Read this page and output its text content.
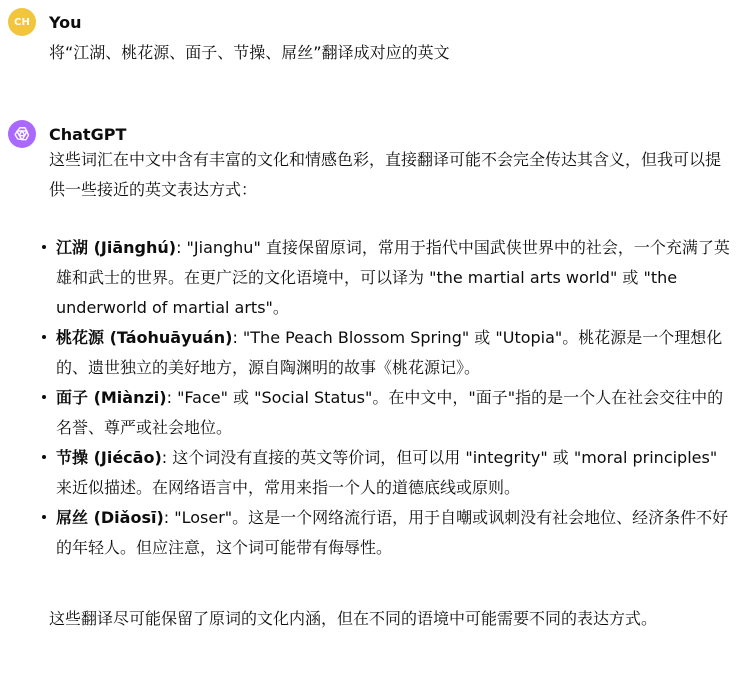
CH You
将“江湖、桃花源、面子、节操、屌丝”翻译成对应的英文
ChatGPT
这些词汇在中文中含有丰富的文化和情感色彩，直接翻译可能不会完全传达其含义，但我可以提供一些接近的英文表达方式：
江湖 (Jiānghú): "Jianghu" 直接保留原词，常用于指代中国武侠世界中的社会，一个充满了英雄和武士的世界。在更广泛的文化语境中，可以译为 "the martial arts world" 或 "the underworld of martial arts"。
桃花源 (Táohuāyuán): "The Peach Blossom Spring" 或 "Utopia"。桃花源是一个理想化的、遗世独立的美好地方，源自陶渊明的故事《桃花源记》。
面子 (Miànzi): "Face" 或 "Social Status"。在中文中，"面子"指的是一个人在社会交往中的名誉、尊严或社会地位。
节操 (Jiécāo): 这个词没有直接的英文等价词，但可以用 "integrity" 或 "moral principles" 来近似描述。在网络语言中，常用来指一个人的道德底线或原则。
屌丝 (Diǎosī): "Loser"。这是一个网络流行语，用于自嘲或讽刺没有社会地位、经济条件不好的年轻人。但应注意，这个词可能带有侮辱性。
这些翻译尽可能保留了原词的文化内涵，但在不同的语境中可能需要不同的表达方式。
